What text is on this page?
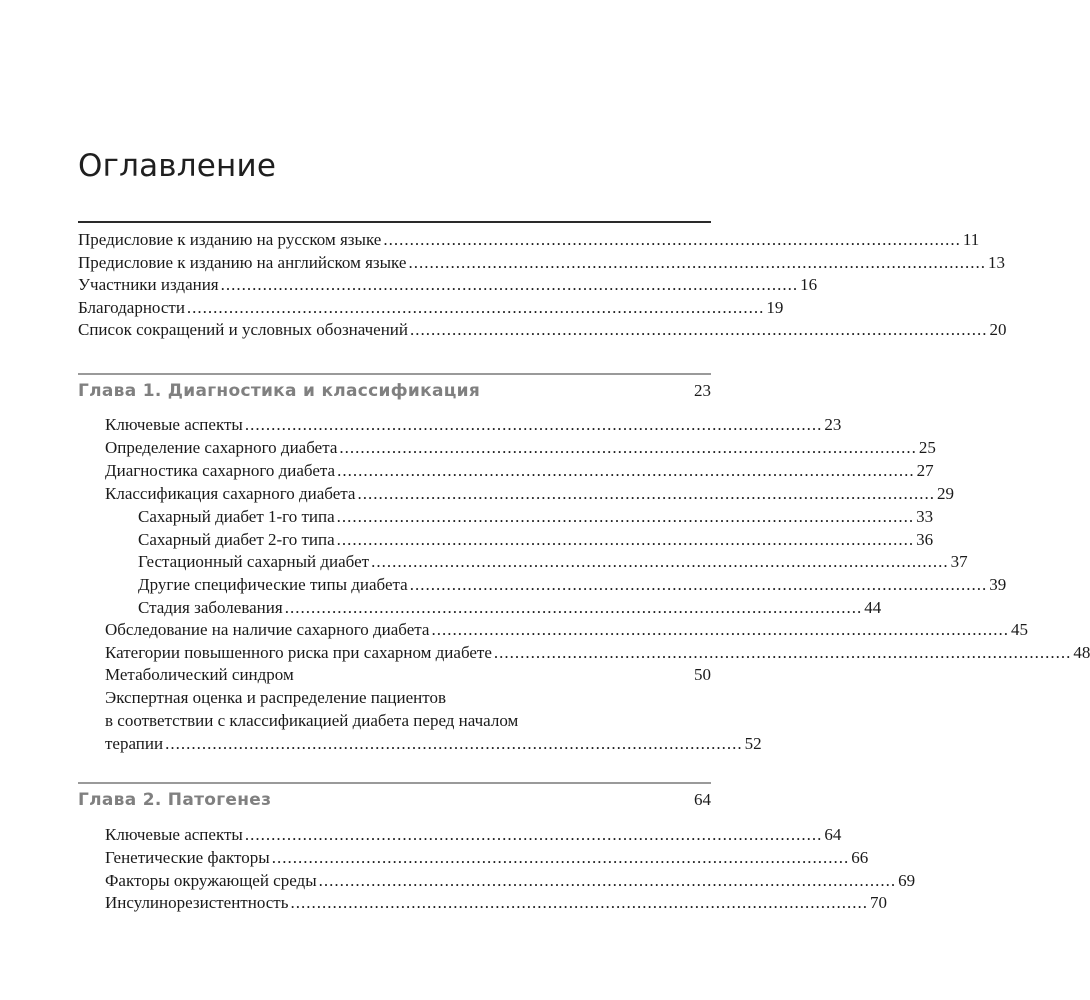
Оглавление
Предисловие к изданию на русском языке .............................................................................................................. 11
Предисловие к изданию на английском языке .............................................................................................................. 13
Участники издания .............................................................................................................. 16
Благодарности .............................................................................................................. 19
Список сокращений и условных обозначений .............................................................................................................. 20
Глава 1. Диагностика и классификация	23
Ключевые аспекты .............................................................................................................. 23
Определение сахарного диабета .............................................................................................................. 25
Диагностика сахарного диабета .............................................................................................................. 27
Классификация сахарного диабета .............................................................................................................. 29
Сахарный диабет 1-го типа .............................................................................................................. 33
Сахарный диабет 2-го типа .............................................................................................................. 36
Гестационный сахарный диабет .............................................................................................................. 37
Другие специфические типы диабета .............................................................................................................. 39
Стадия заболевания .............................................................................................................. 44
Обследование на наличие сахарного диабета .............................................................................................................. 45
Категории повышенного риска при сахарном диабете .............................................................................................................. 48
Метаболический синдром	50
Экспертная оценка и распределение пациентов
в соответствии с классификацией диабета перед началом
терапии .............................................................................................................. 52
Глава 2. Патогенез	64
Ключевые аспекты .............................................................................................................. 64
Генетические факторы .............................................................................................................. 66
Факторы окружающей среды .............................................................................................................. 69
Инсулинорезистентность .............................................................................................................. 70
